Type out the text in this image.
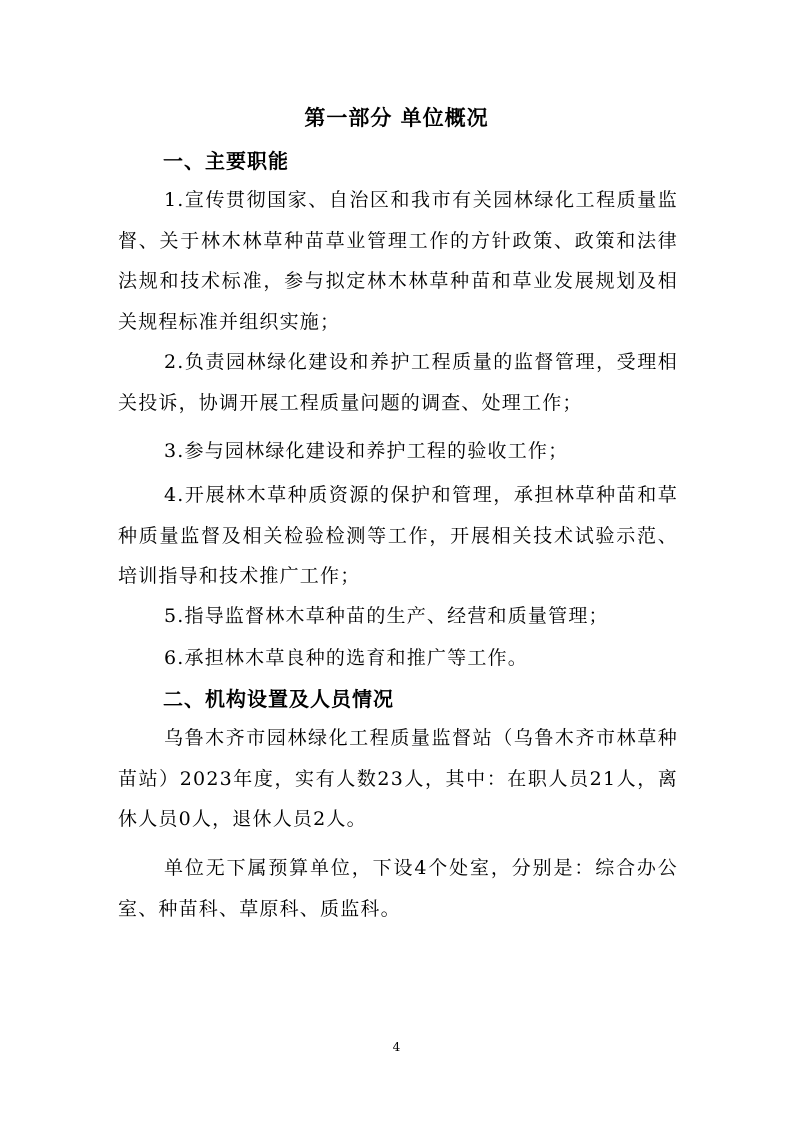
第一部分 单位概况
一、主要职能

1.宣传贯彻国家、自治区和我市有关园林绿化工程质量监督、关于林木林草种苗草业管理工作的方针政策、政策和法律法规和技术标准，参与拟定林木林草种苗和草业发展规划及相关规程标准并组织实施；

2.负责园林绿化建设和养护工程质量的监督管理，受理相关投诉，协调开展工程质量问题的调查、处理工作；

3.参与园林绿化建设和养护工程的验收工作；

4.开展林木草种质资源的保护和管理，承担林草种苗和草种质量监督及相关检验检测等工作，开展相关技术试验示范、培训指导和技术推广工作；

5.指导监督林木草种苗的生产、经营和质量管理；

6.承担林木草良种的选育和推广等工作。

二、机构设置及人员情况

乌鲁木齐市园林绿化工程质量监督站（乌鲁木齐市林草种苗站）2023年度，实有人数23人，其中：在职人员21人，离休人员0人，退休人员2人。

单位无下属预算单位，下设4个处室，分别是：综合办公室、种苗科、草原科、质监科。

4
